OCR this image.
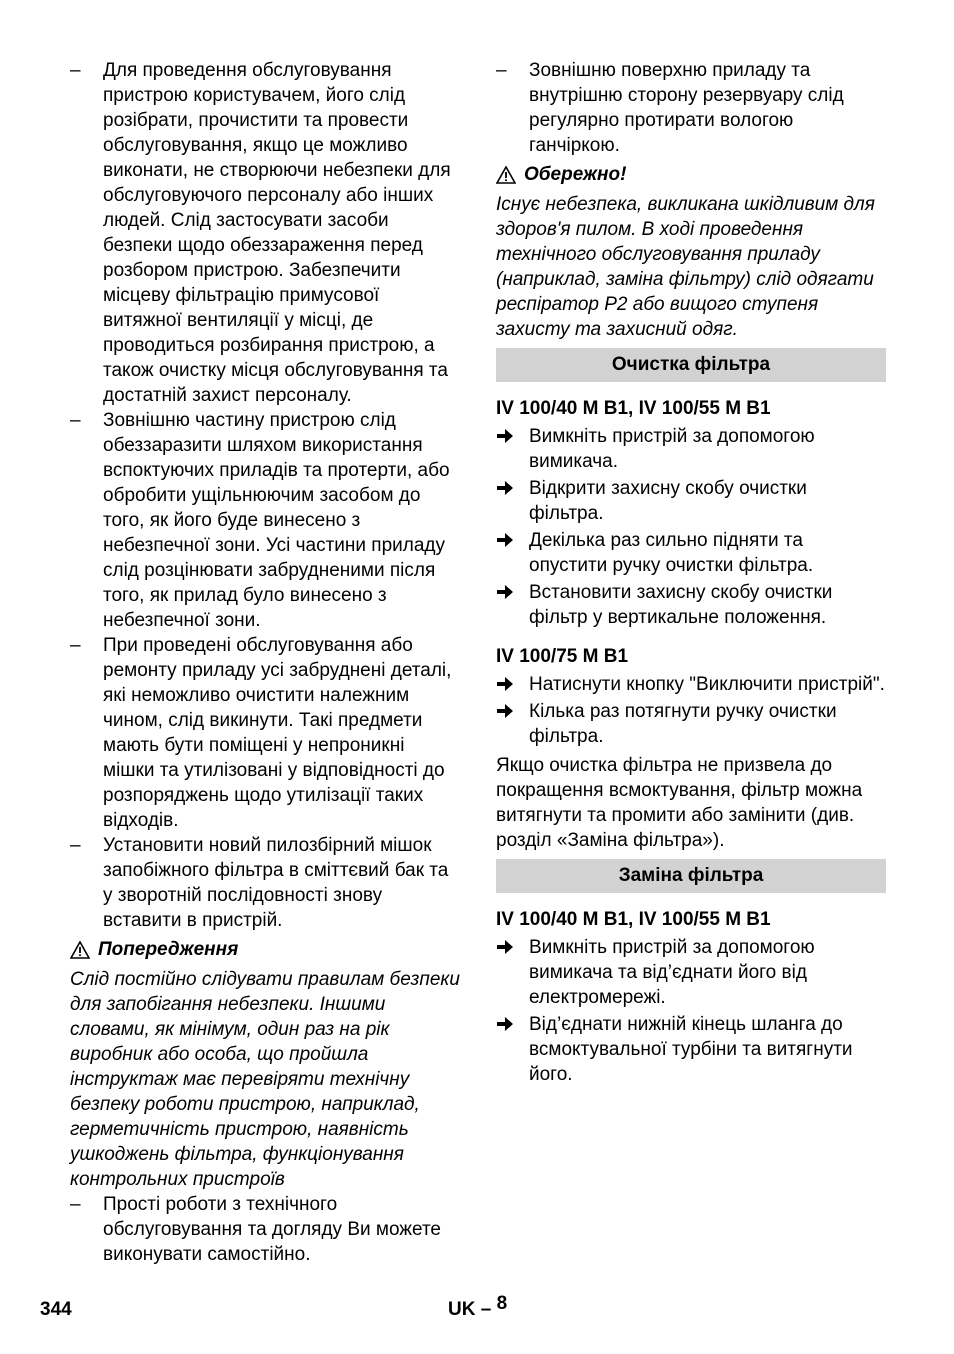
– Для проведення обслуговування пристрою користувачем, його слід розібрати, прочистити та провести обслуговування, якщо це можливо виконати, не створюючи небезпеки для обслуговуючого персоналу або інших людей. Слід застосувати засоби безпеки щодо обеззараження перед розбором пристрою. Забезпечити місцеву фільтрацію примусової витяжної вентиляції у місці, де проводиться розбирання пристрою, а також очистку місця обслуговування та достатній захист персоналу.
– Зовнішню частину пристрою слід обеззаразити шляхом використання вспоктуючих приладів та протерти, або обробити ущільнюючим засобом до того, як його буде винесено з небезпечної зони. Усі частини приладу слід розцінювати забрудненими після того, як прилад було винесено з небезпечної зони.
– При проведені обслуговування або ремонту приладу усі забруднені деталі, які неможливо очистити належним чином, слід викинути. Такі предмети мають бути поміщені у непроникні мішки та утилізовані у відповідності до розпоряджень щодо утилізації таких відходів.
– Установити новий пилозбірний мішок запобіжного фільтра в сміттєвий бак та у зворотній послідовності знову вставити в пристрій.
Попередження
Слід постійно слідувати правилам безпеки для запобігання небезпеки. Іншими словами, як мінімум, один раз на рік виробник або особа, що пройшла інструктаж має перевіряти технічну безпеку роботи пристрою, наприклад, герметичність пристрою, наявність ушкоджень фільтра, функціонування контрольних пристроїв
– Прості роботи з технічного обслуговування та догляду Ви можете виконувати самостійно.
– Зовнішню поверхню приладу та внутрішню сторону резервуару слід регулярно протирати вологою ганчіркою.
Обережно!
Існує небезпека, викликана шкідливим для здоров'я пилом. В ході проведення технічного обслуговування приладу (наприклад, заміна фільтру) слід одягати респіратор P2 або вищого ступеня захисту та захисний одяг.
Очистка фільтра
IV 100/40 M B1, IV 100/55 M B1
Вимкніть пристрій за допомогою вимикача.
Відкрити захисну скобу очистки фільтра.
Декілька раз сильно підняти та опустити ручку очистки фільтра.
Встановити захисну скобу очистки фільтр у вертикальне положення.
IV 100/75 M B1
Натиснути кнопку "Виключити пристрій".
Кілька раз потягнути ручку очистки фільтра.
Якщо очистка фільтра не призвела до покращення всмоктування, фільтр можна витягнути та промити або замінити (див. розділ «Заміна фільтра»).
Заміна фільтра
IV 100/40 M B1, IV 100/55 M B1
Вимкніть пристрій за допомогою вимикача та від’єднати його від електромережі.
Від’єднати нижній кінець шланга до всмоктувальної турбіни та витягнути його.
344	UK – 8
